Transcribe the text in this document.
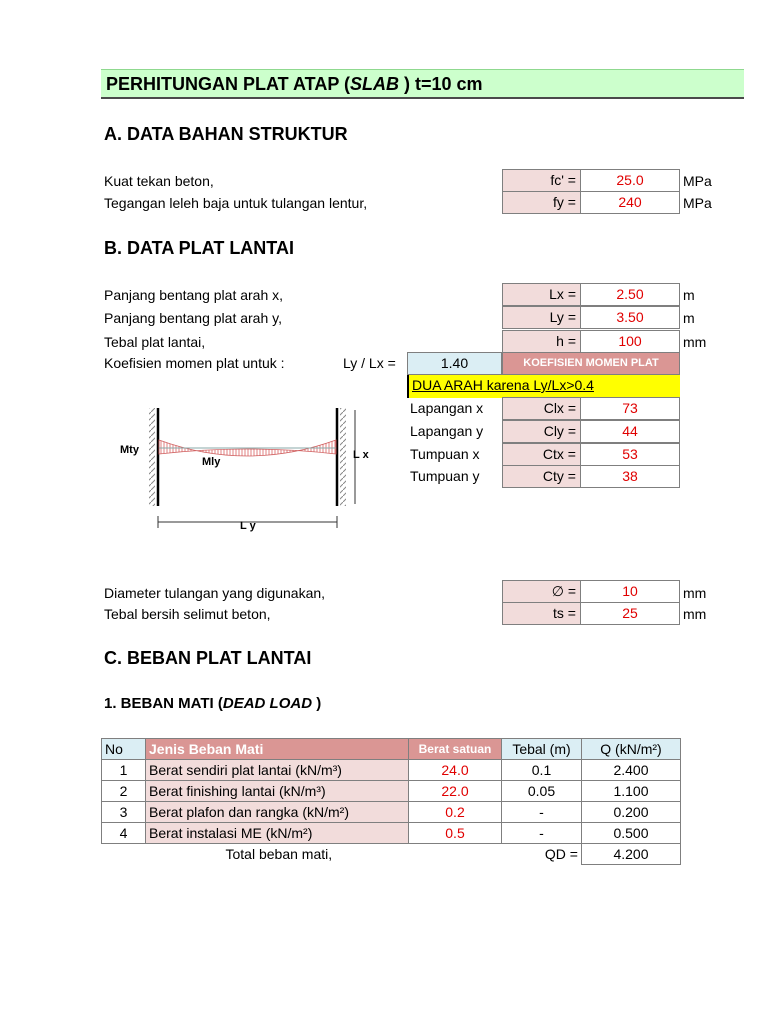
PERHITUNGAN PLAT ATAP (SLAB ) t=10 cm
A. DATA BAHAN STRUKTUR
Kuat tekan beton,	fc' =	25.0	MPa
Tegangan leleh baja untuk tulangan lentur,	fy =	240	MPa
B. DATA PLAT LANTAI
Panjang bentang plat arah x,	Lx =	2.50	m
Panjang bentang plat arah y,	Ly =	3.50	m
Tebal plat lantai,	h =	100	mm
Koefisien momen plat untuk :	Ly / Lx =	1.40	KOEFISIEN MOMEN PLAT
DUA ARAH karena Ly/Lx>0.4
Lapangan x	Clx =	73
Lapangan y	Cly =	44
Tumpuan x	Ctx =	53
Tumpuan y	Cty =	38
Mty
Mly
L x
L y
Diameter tulangan yang digunakan,	∅ =	10	mm
Tebal bersih selimut beton,	ts =	25	mm
C. BEBAN PLAT LANTAI
1. BEBAN MATI (DEAD LOAD )
No	Jenis Beban Mati	Berat satuan	Tebal (m)	Q (kN/m²)
1	Berat sendiri plat lantai (kN/m³)	24.0	0.1	2.400
2	Berat finishing lantai (kN/m³)	22.0	0.05	1.100
3	Berat plafon dan rangka (kN/m²)	0.2	-	0.200
4	Berat instalasi ME (kN/m²)	0.5	-	0.500
	Total beban mati,		QD =	4.200
